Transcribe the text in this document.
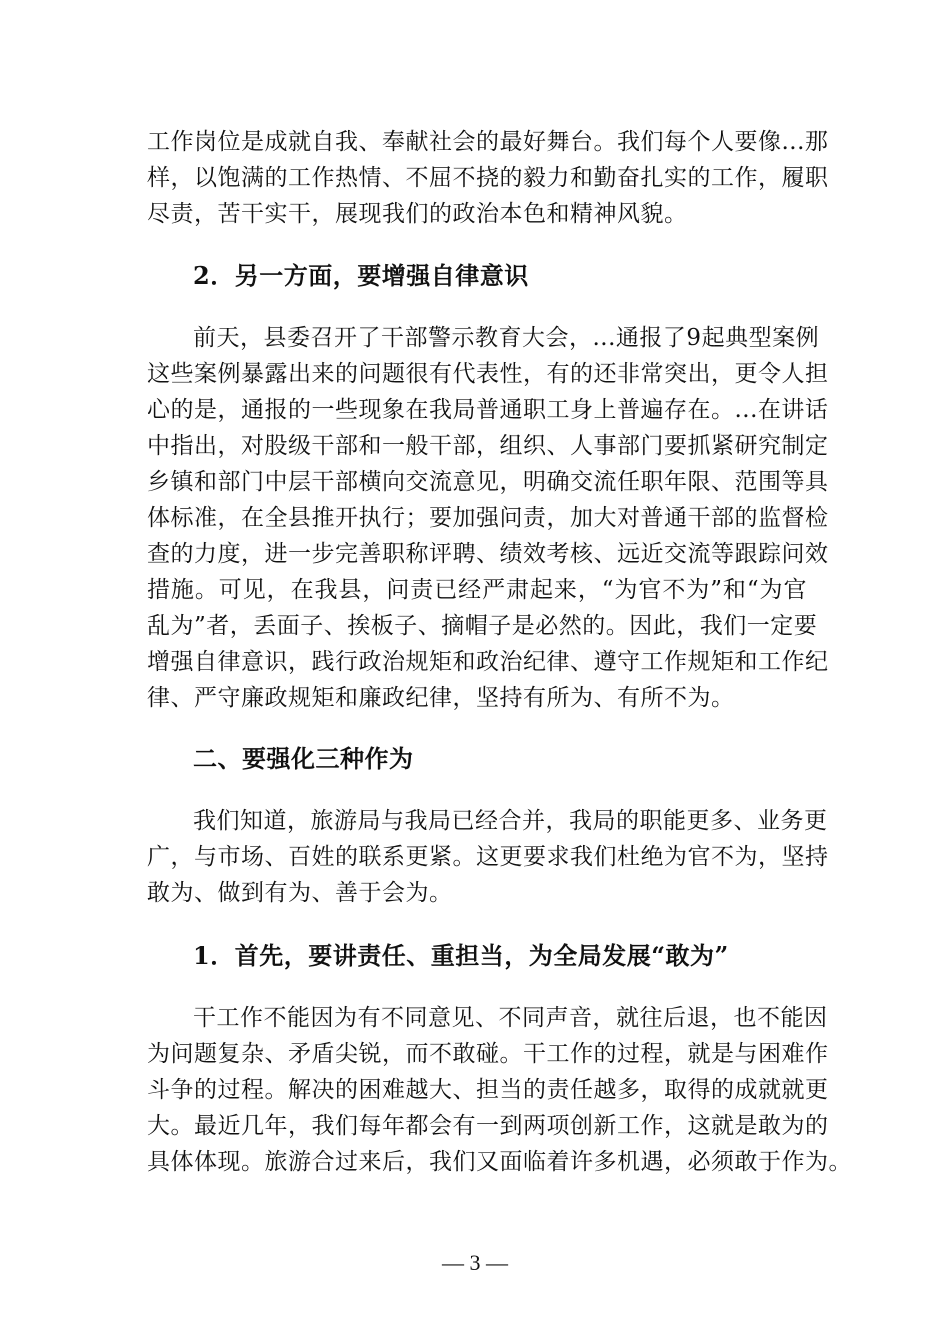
工作岗位是成就自我、奉献社会的最好舞台。我们每个人要像...那
样，以饱满的工作热情、不屈不挠的毅力和勤奋扎实的工作，履职
尽责，苦干实干，展现我们的政治本色和精神风貌。
2．另一方面，要增强自律意识
前天，县委召开了干部警示教育大会，...通报了9起典型案例
这些案例暴露出来的问题很有代表性，有的还非常突出，更令人担
心的是，通报的一些现象在我局普通职工身上普遍存在。...在讲话
中指出，对股级干部和一般干部，组织、人事部门要抓紧研究制定
乡镇和部门中层干部横向交流意见，明确交流任职年限、范围等具
体标准，在全县推开执行；要加强问责，加大对普通干部的监督检
查的力度，进一步完善职称评聘、绩效考核、远近交流等跟踪问效
措施。可见，在我县，问责已经严肃起来，“为官不为”和“为官
乱为”者，丢面子、挨板子、摘帽子是必然的。因此，我们一定要
增强自律意识，践行政治规矩和政治纪律、遵守工作规矩和工作纪
律、严守廉政规矩和廉政纪律，坚持有所为、有所不为。
二、要强化三种作为
我们知道，旅游局与我局已经合并，我局的职能更多、业务更
广，与市场、百姓的联系更紧。这更要求我们杜绝为官不为，坚持
敢为、做到有为、善于会为。
1．首先，要讲责任、重担当，为全局发展“敢为”
干工作不能因为有不同意见、不同声音，就往后退，也不能因
为问题复杂、矛盾尖锐，而不敢碰。干工作的过程，就是与困难作
斗争的过程。解决的困难越大、担当的责任越多，取得的成就就更
大。最近几年，我们每年都会有一到两项创新工作，这就是敢为的
具体体现。旅游合过来后，我们又面临着许多机遇，必须敢于作为。
— 3 —
